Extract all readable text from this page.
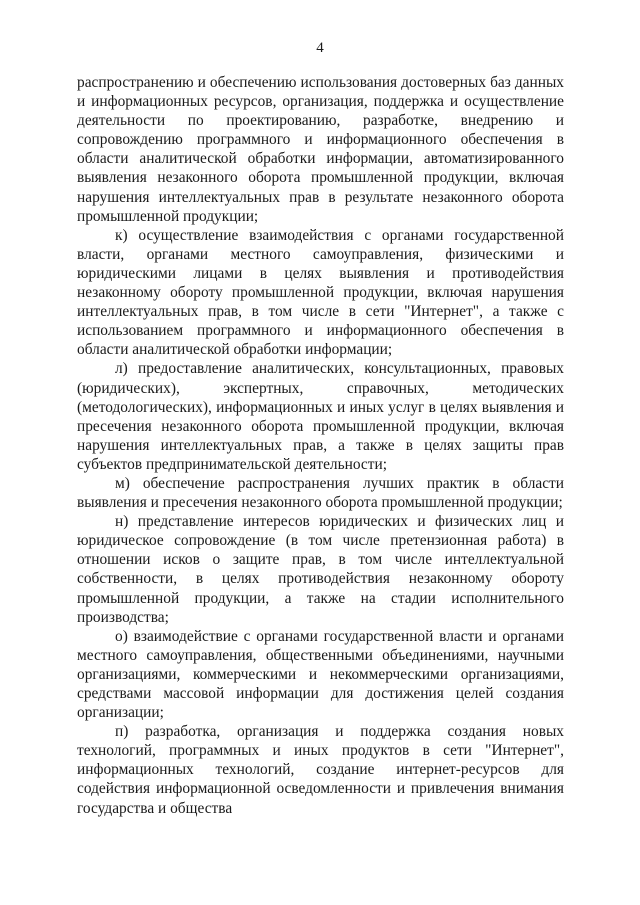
4

распространению и обеспечению использования достоверных баз данных и информационных ресурсов, организация, поддержка и осуществление деятельности по проектированию, разработке, внедрению и сопровождению программного и информационного обеспечения в области аналитической обработки информации, автоматизированного выявления незаконного оборота промышленной продукции, включая нарушения интеллектуальных прав в результате незаконного оборота промышленной продукции;

к) осуществление взаимодействия с органами государственной власти, органами местного самоуправления, физическими и юридическими лицами в целях выявления и противодействия незаконному обороту промышленной продукции, включая нарушения интеллектуальных прав, в том числе в сети "Интернет", а также с использованием программного и информационного обеспечения в области аналитической обработки информации;

л) предоставление аналитических, консультационных, правовых (юридических), экспертных, справочных, методических (методологических), информационных и иных услуг в целях выявления и пресечения незаконного оборота промышленной продукции, включая нарушения интеллектуальных прав, а также в целях защиты прав субъектов предпринимательской деятельности;

м) обеспечение распространения лучших практик в области выявления и пресечения незаконного оборота промышленной продукции;

н) представление интересов юридических и физических лиц и юридическое сопровождение (в том числе претензионная работа) в отношении исков о защите прав, в том числе интеллектуальной собственности, в целях противодействия незаконному обороту промышленной продукции, а также на стадии исполнительного производства;

о) взаимодействие с органами государственной власти и органами местного самоуправления, общественными объединениями, научными организациями, коммерческими и некоммерческими организациями, средствами массовой информации для достижения целей создания организации;

п) разработка, организация и поддержка создания новых технологий, программных и иных продуктов в сети "Интернет", информационных технологий, создание интернет-ресурсов для содействия информационной осведомленности и привлечения внимания государства и общества
